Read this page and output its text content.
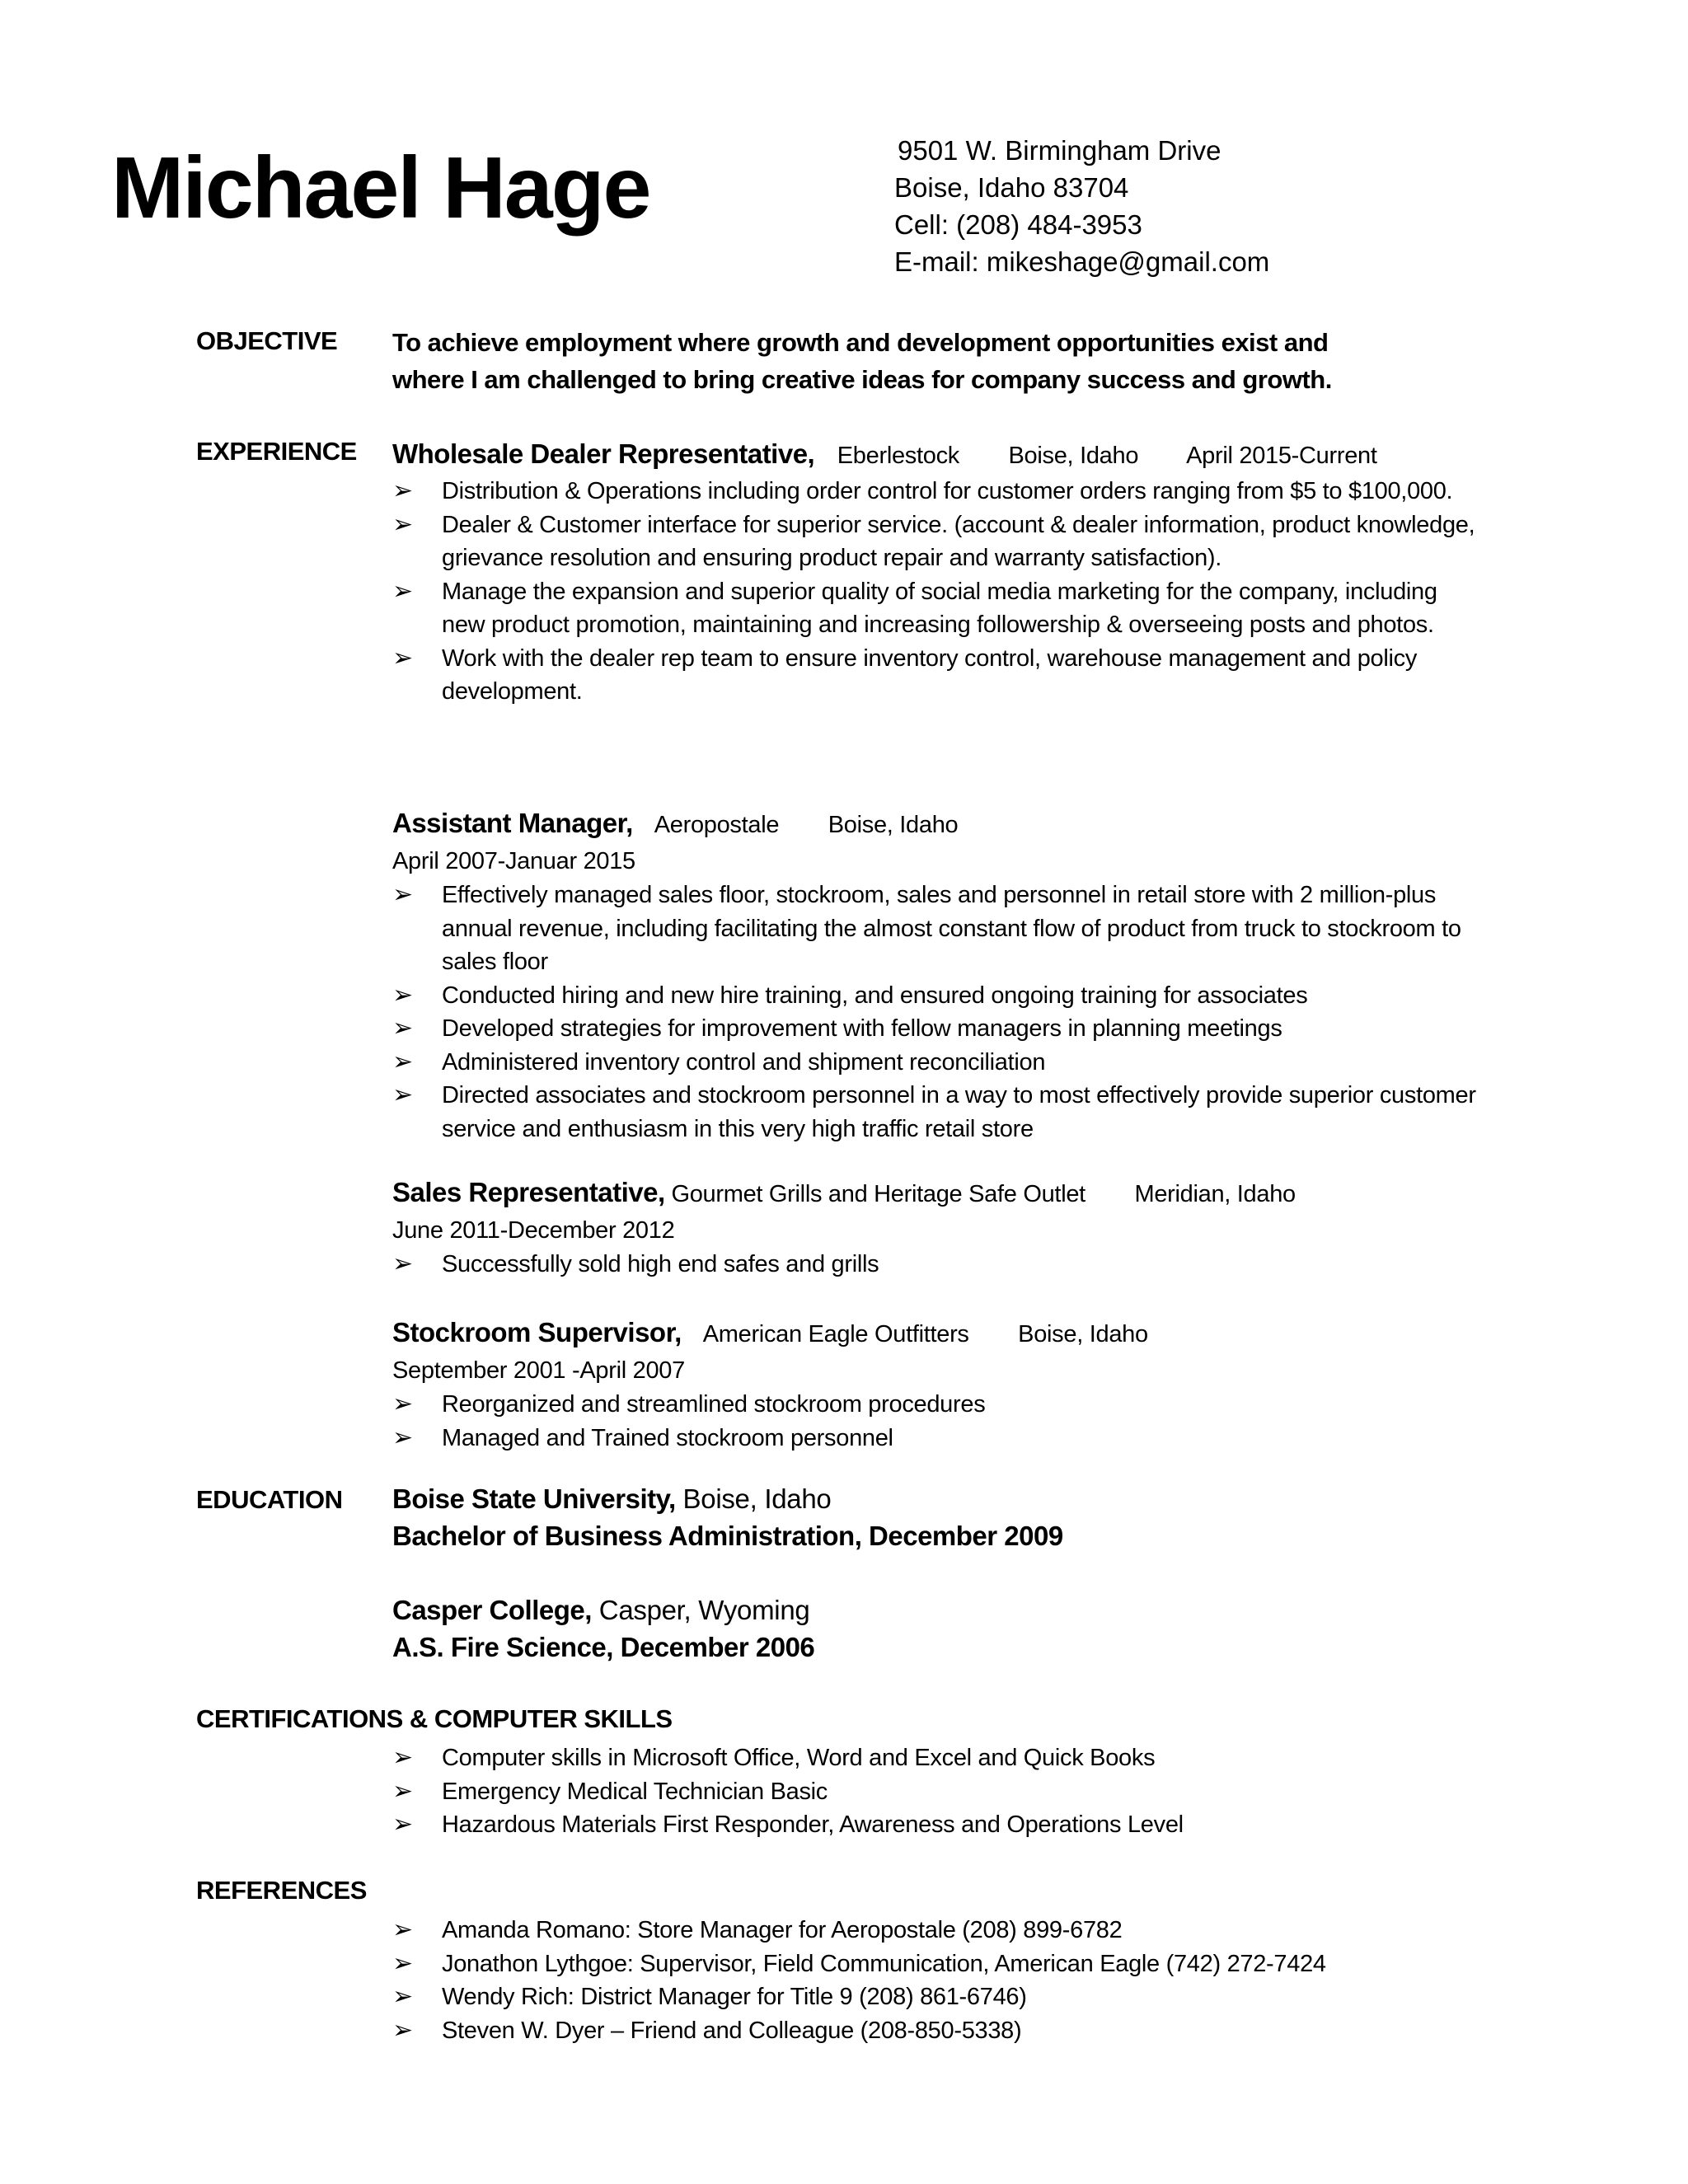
Michael Hage	9501 W. Birmingham Drive
Boise, Idaho 83704
Cell: (208) 484-3953
E-mail: mikeshage@gmail.com
OBJECTIVE To achieve employment where growth and development opportunities exist and
where I am challenged to bring creative ideas for company success and growth.
EXPERIENCE Wholesale Dealer Representative, Eberlestock Boise, Idaho April 2015-Current
➢ Distribution & Operations including order control for customer orders ranging from $5 to $100,000.
➢ Dealer & Customer interface for superior service. (account & dealer information, product knowledge, grievance resolution and ensuring product repair and warranty satisfaction).
➢ Manage the expansion and superior quality of social media marketing for the company, including new product promotion, maintaining and increasing followership & overseeing posts and photos.
➢ Work with the dealer rep team to ensure inventory control, warehouse management and policy development.
Assistant Manager, Aeropostale Boise, Idaho
April 2007-Januar 2015
➢ Effectively managed sales floor, stockroom, sales and personnel in retail store with 2 million-plus annual revenue, including facilitating the almost constant flow of product from truck to stockroom to sales floor
➢ Conducted hiring and new hire training, and ensured ongoing training for associates
➢ Developed strategies for improvement with fellow managers in planning meetings
➢ Administered inventory control and shipment reconciliation
➢ Directed associates and stockroom personnel in a way to most effectively provide superior customer service and enthusiasm in this very high traffic retail store
Sales Representative, Gourmet Grills and Heritage Safe Outlet Meridian, Idaho
June 2011-December 2012
➢ Successfully sold high end safes and grills
Stockroom Supervisor, American Eagle Outfitters Boise, Idaho
September 2001 -April 2007
➢ Reorganized and streamlined stockroom procedures
➢ Managed and Trained stockroom personnel
EDUCATION Boise State University, Boise, Idaho
Bachelor of Business Administration, December 2009
Casper College, Casper, Wyoming
A.S. Fire Science, December 2006
CERTIFICATIONS & COMPUTER SKILLS
➢ Computer skills in Microsoft Office, Word and Excel and Quick Books
➢ Emergency Medical Technician Basic
➢ Hazardous Materials First Responder, Awareness and Operations Level
REFERENCES
➢ Amanda Romano: Store Manager for Aeropostale (208) 899-6782
➢ Jonathon Lythgoe: Supervisor, Field Communication, American Eagle (742) 272-7424
➢ Wendy Rich: District Manager for Title 9 (208) 861-6746)
➢ Steven W. Dyer – Friend and Colleague (208-850-5338)
